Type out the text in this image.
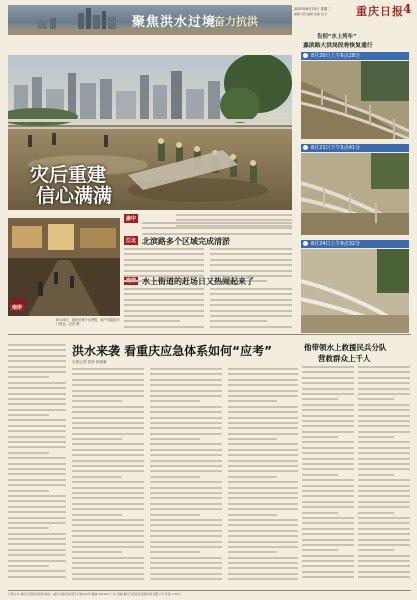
2020年8月25日 星期二
编辑 责任编辑 美编 校对	重庆日报 4
聚焦洪水过境
奋力抗洪
灾后重建
信心满满
南岸
8月24日，南岸区弹子石老街，商户们陆续开门营业。记者 摄
渝中
江北 北滨路多个区域完成清淤
水上街道的赶场日又热闹起来了
告别“水上列车”
嘉滨路大洪岗段将恢复通行
8月20日上午6点28分
8月21日下午5点41分
8月24日上午8点32分
洪水来袭 看重庆应急体系如何“应考”
本报记者 张珍 杨铌紫
他带领水上救援民兵分队
营救群众上千人
主管主办 重庆日报报业集团 地址：重庆市渝北区同茂大道416号 邮编 401120 广告 印刷 重庆日报报业集团印务有限公司 零售 1.50元
